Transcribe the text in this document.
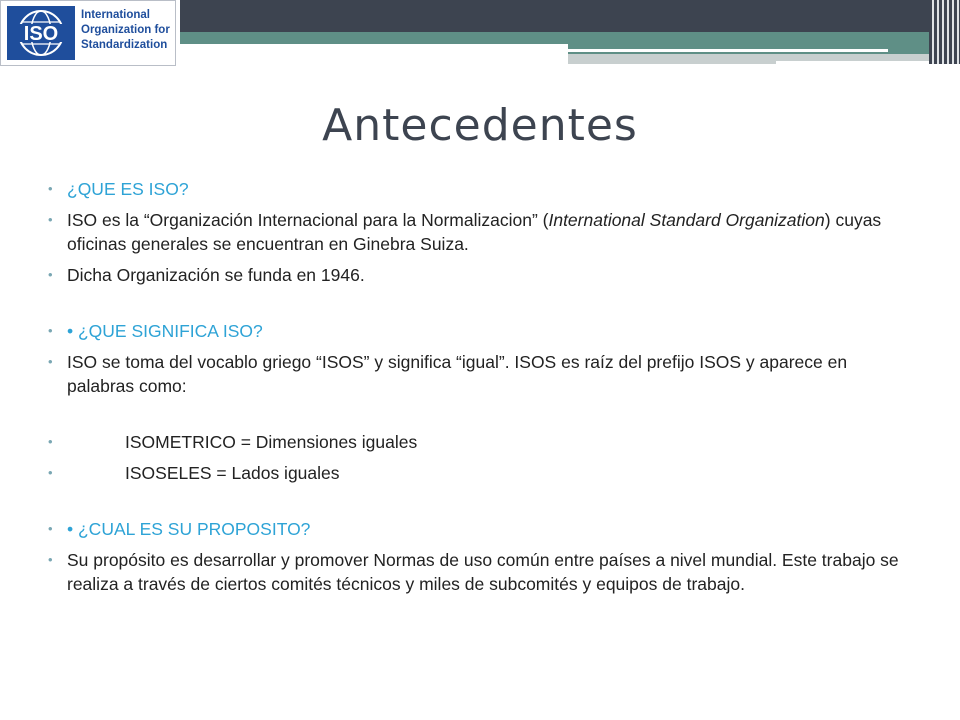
ISO
International
Organization for
Standardization
Antecedentes
• ¿QUE ES ISO?
• ISO es la “Organización Internacional para la Normalizacion” (International Standard Organization) cuyas oficinas generales se encuentran en Ginebra Suiza.
• Dicha Organización se funda en 1946.
• • ¿QUE SIGNIFICA ISO?
• ISO se toma del vocablo griego “ISOS” y significa “igual”. ISOS es raíz del prefijo ISOS y aparece en palabras como:
•	ISOMETRICO = Dimensiones iguales
•	ISOSELES = Lados iguales
• • ¿CUAL ES SU PROPOSITO?
• Su propósito es desarrollar y promover Normas de uso común entre países a nivel mundial. Este trabajo se realiza a través de ciertos comités técnicos y miles de subcomités y equipos de trabajo.
